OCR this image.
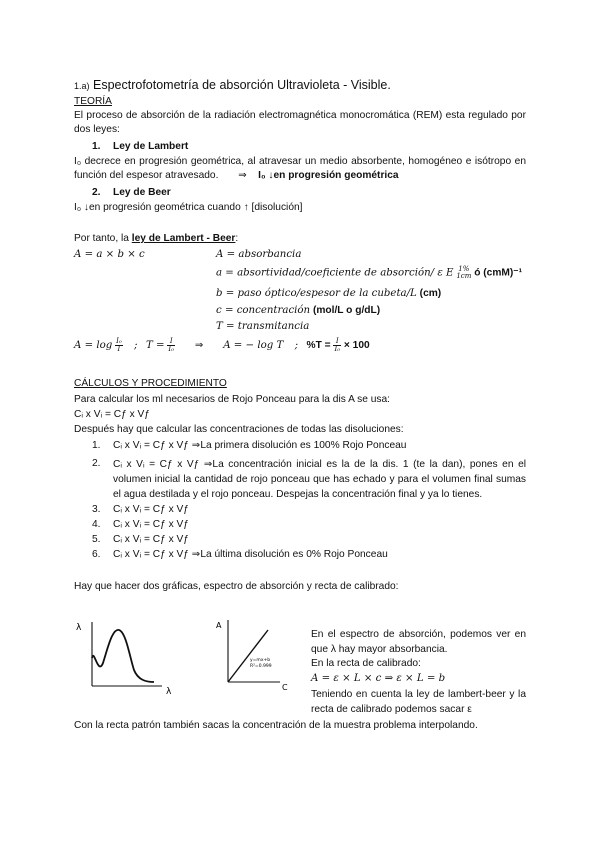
1.a) Espectrofotometría de absorción Ultravioleta - Visible.
TEORÍA
El proceso de absorción de la radiación electromagnética monocromática (REM) esta regulado por dos leyes:
1. Ley de Lambert
I₀ decrece en progresión geométrica, al atravesar un medio absorbente, homogéneo e isótropo en función del espesor atravesado. ⇒ I₀ ↓en progresión geométrica
2. Ley de Beer
I₀ ↓en progresión geométrica cuando ↑ [disolución]
Por tanto, la ley de Lambert - Beer:
A = a × b × c	A = absorbancia
a = absortividad/coeficiente de absorción/ ε E 1%
1cm ó (cmM)⁻¹
b = paso óptico/espesor de la cubeta/L (cm)
c = concentración (mol/L o g/dL)
T = transmitancia
$A = \log \frac{\text{I₀}}{I}$ ; $T = \frac{I}{\text{I₀}}$ ⇒ A = − log T ; $\%T = \frac{I}{\text{I₀}} \times 100$
CÁLCULOS Y PROCEDIMIENTO
Para calcular los ml necesarios de Rojo Ponceau para la dis A se usa:
Cᵢ x Vᵢ = Cƒ x Vƒ
Después hay que calcular las concentraciones de todas las disoluciones:
1. Cᵢ x Vᵢ = Cƒ x Vƒ ⇒La primera disolución es 100% Rojo Ponceau
2. Cᵢ x Vᵢ = Cƒ x Vƒ ⇒La concentración inicial es la de la dis. 1 (te la dan), pones en el volumen inicial la cantidad de rojo ponceau que has echado y para el volumen final sumas el agua destilada y el rojo ponceau. Despejas la concentración final y ya lo tienes.
3. Cᵢ x Vᵢ = Cƒ x Vƒ
4. Cᵢ x Vᵢ = Cƒ x Vƒ
5. Cᵢ x Vᵢ = Cƒ x Vƒ
6. Cᵢ x Vᵢ = Cƒ x Vƒ ⇒La última disolución es 0% Rojo Ponceau
Hay que hacer dos gráficas, espectro de absorción y recta de calibrado:
λ
λ
A
C
y=mx+b
R²=0.999
En el espectro de absorción, podemos ver en que λ hay mayor absorbancia.
En la recta de calibrado:
A = ε × L × c ⇒ ε × L = b
Teniendo en cuenta la ley de lambert-beer y la recta de calibrado podemos sacar ε
Con la recta patrón también sacas la concentración de la muestra problema interpolando.
